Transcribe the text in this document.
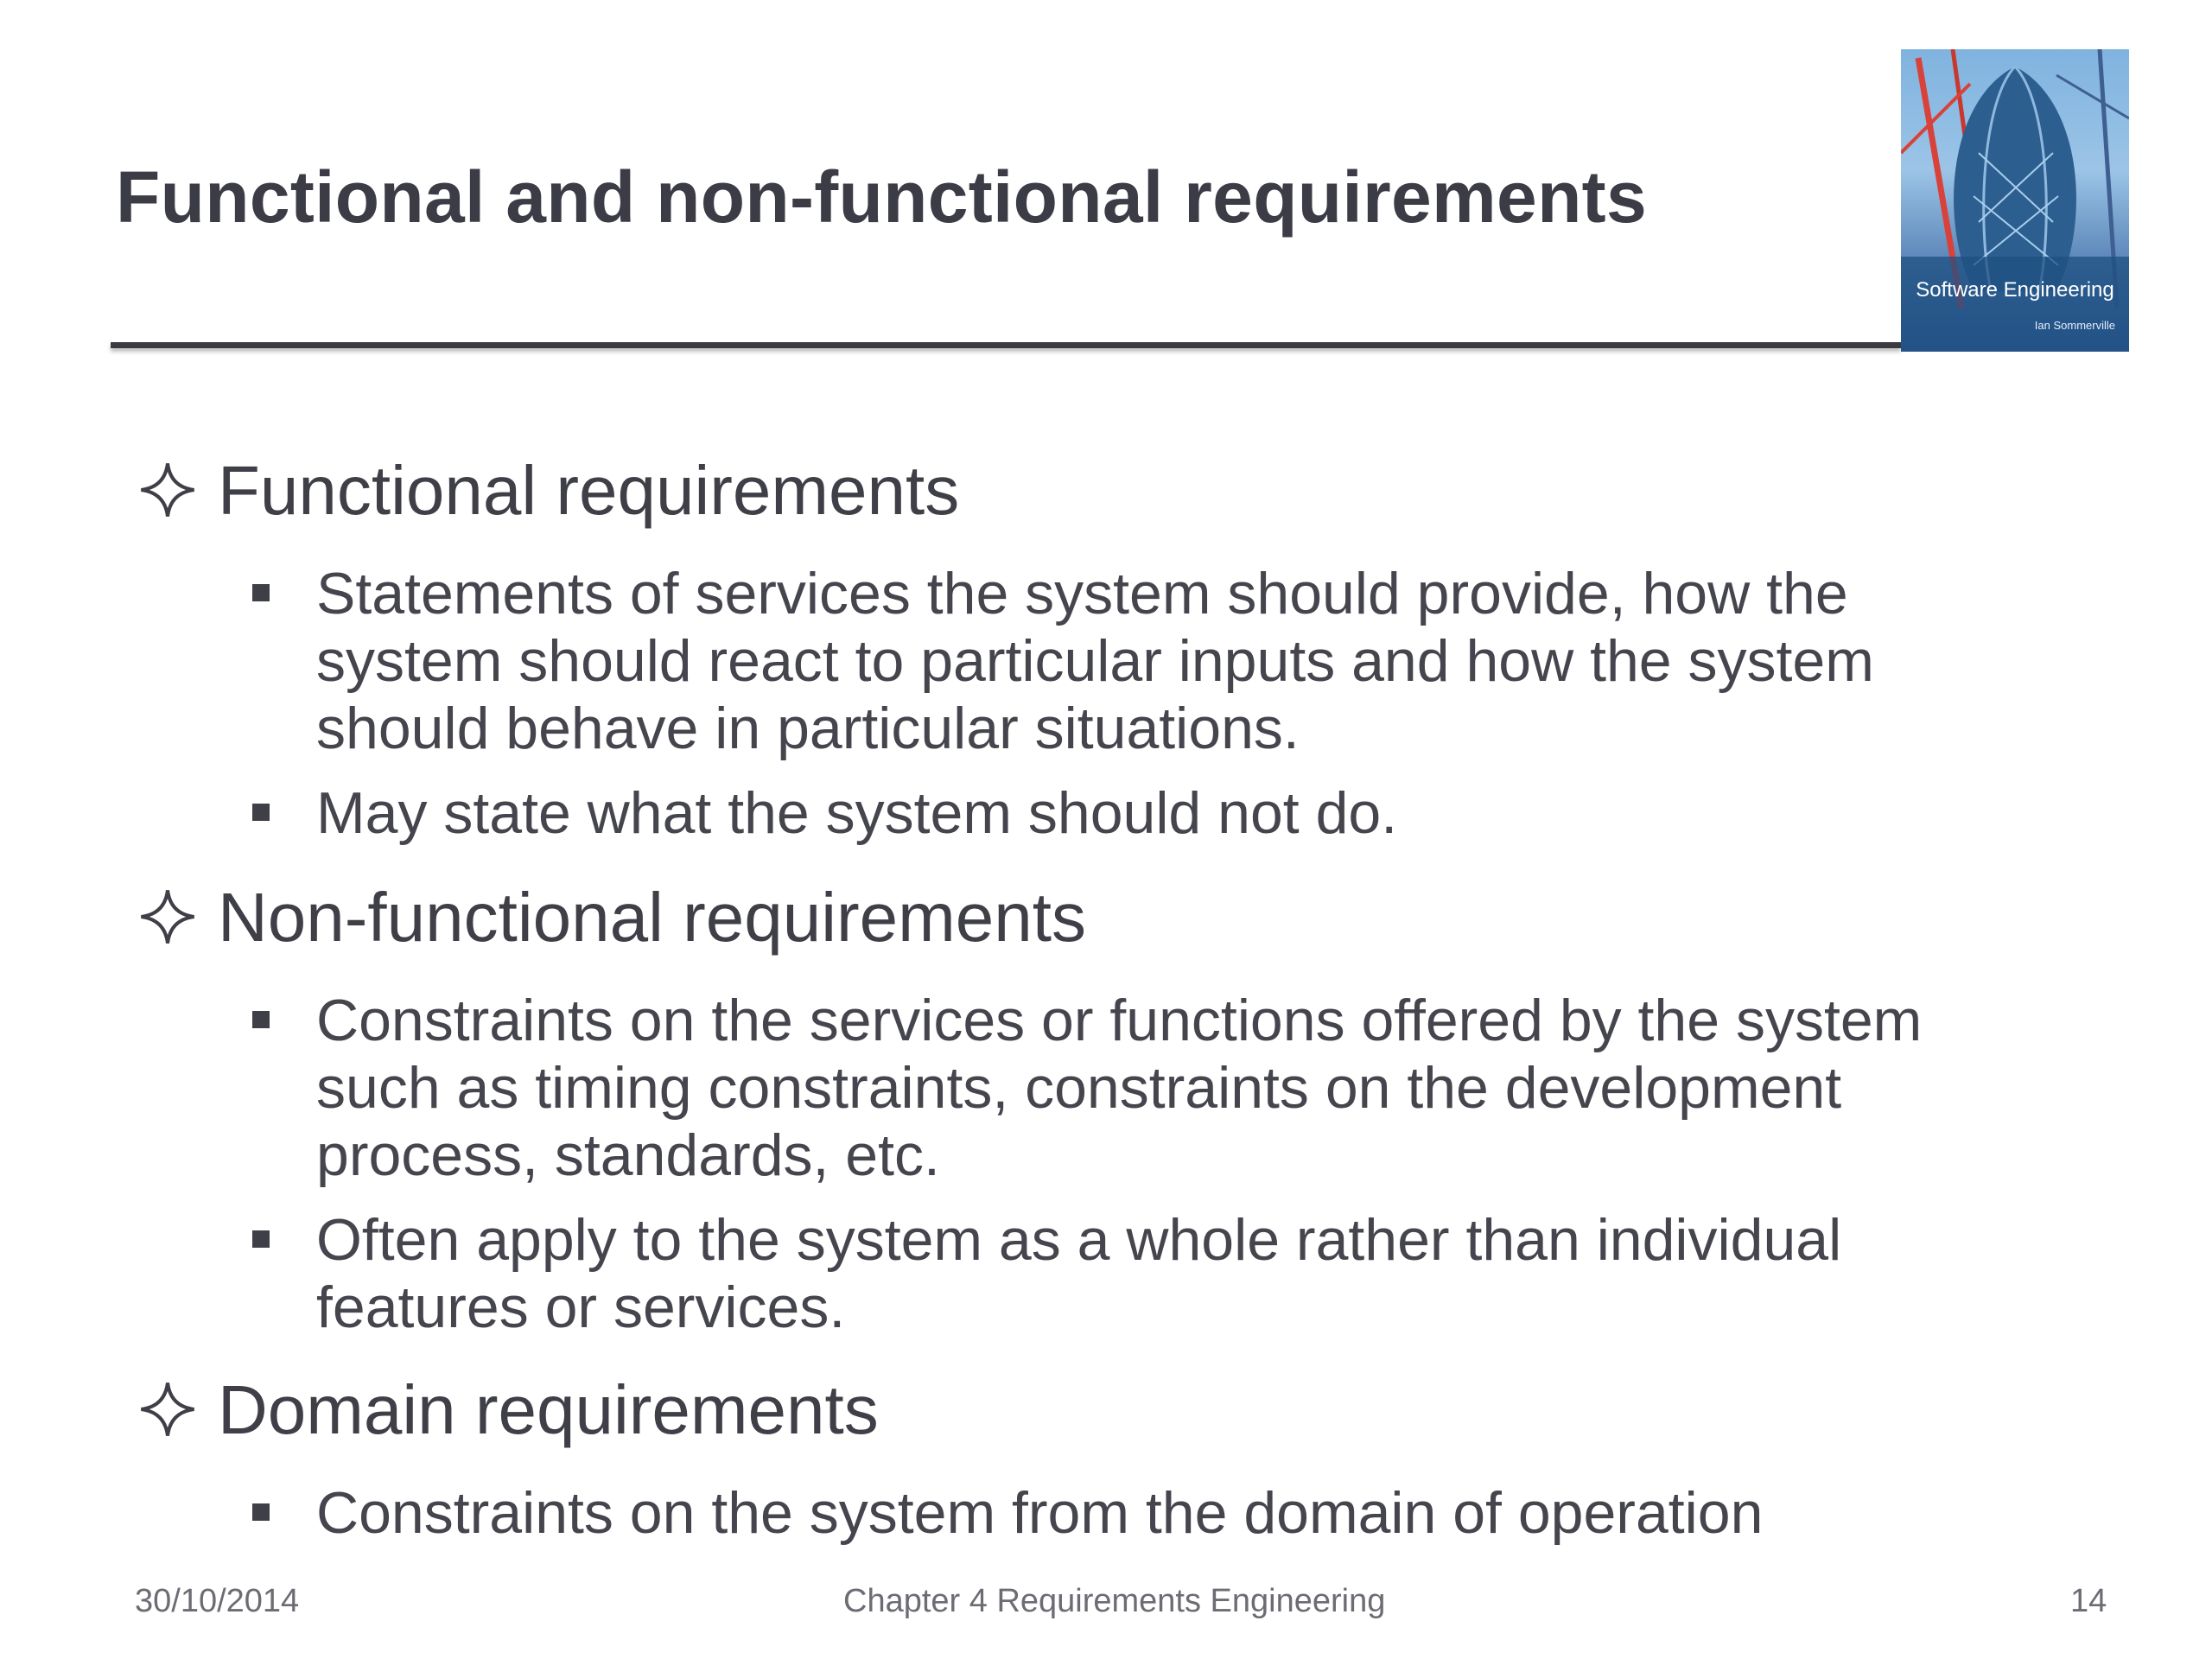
Functional and non-functional requirements
Software Engineering
Ian Sommerville
Functional requirements
Statements of services the system should provide, how the system should react to particular inputs and how the system should behave in particular situations.
May state what the system should not do.
Non-functional requirements
Constraints on the services or functions offered by the system such as timing constraints, constraints on the development process, standards, etc.
Often apply to the system as a whole rather than individual features or services.
Domain requirements
Constraints on the system from the domain of operation
30/10/2014	Chapter 4 Requirements Engineering	14
